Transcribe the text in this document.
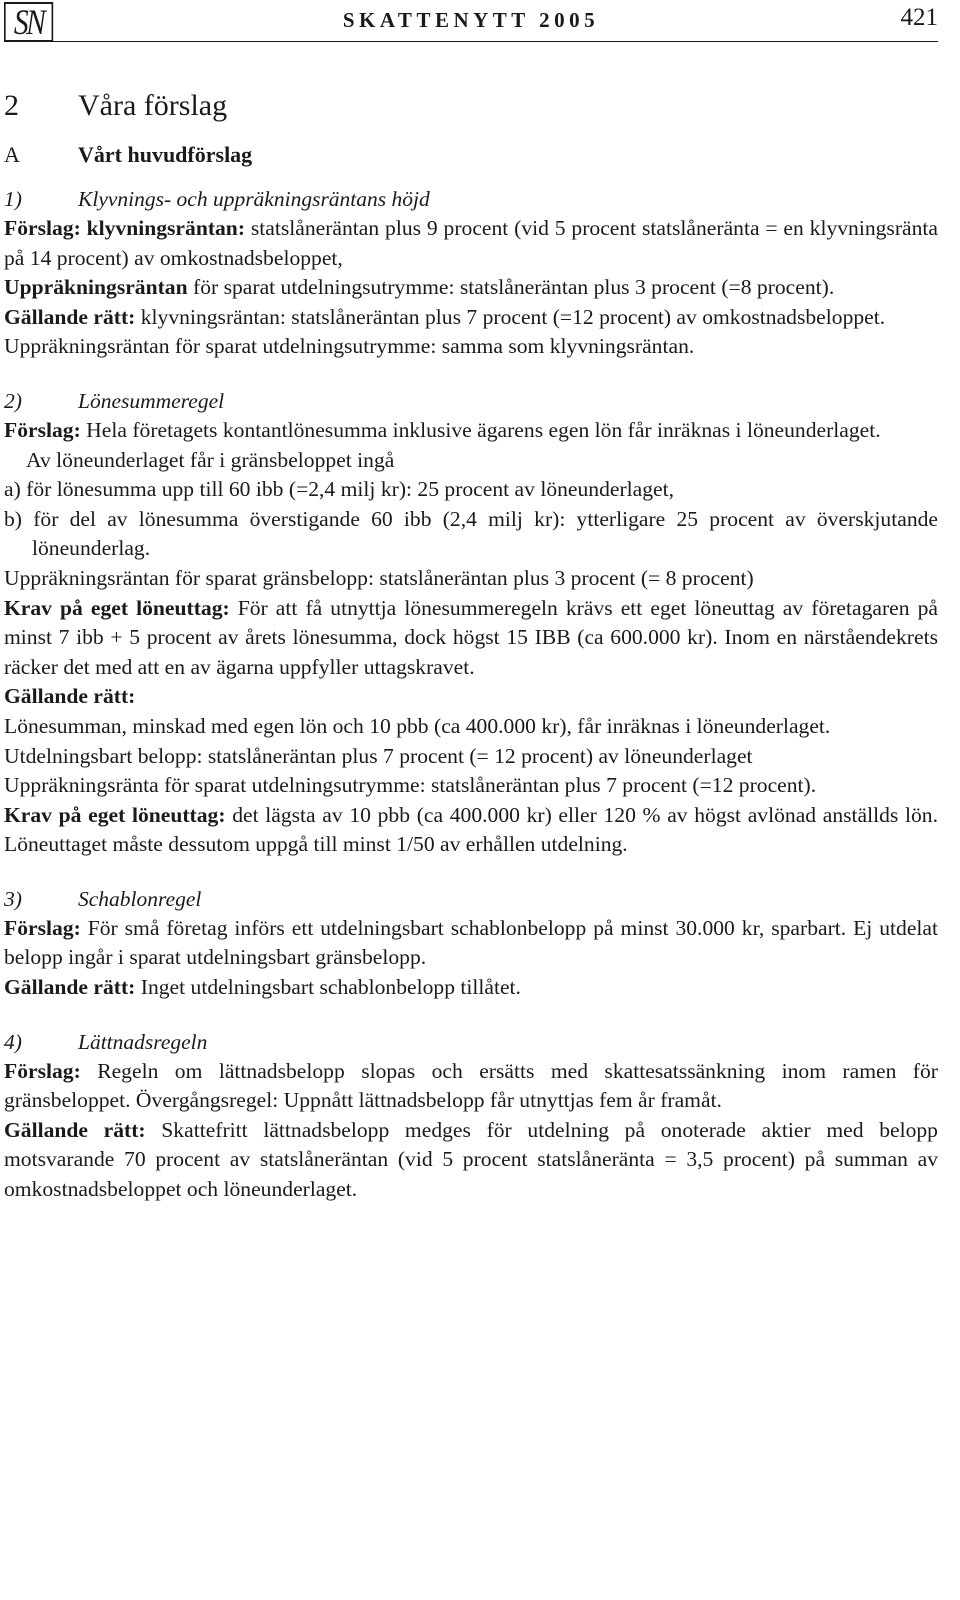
SN	SKATTENYTT 2005	421
2 Våra förslag
A	Vårt huvudförslag
1)	Klyvnings- och uppräkningsräntans höjd

Förslag: klyvningsräntan: statslåneräntan plus 9 procent (vid 5 procent statslåneränta = en klyvningsränta på 14 procent) av omkostnadsbeloppet,

Uppräkningsräntan för sparat utdelningsutrymme: statslåneräntan plus 3 procent (=8 procent).

Gällande rätt: klyvningsräntan: statslåneräntan plus 7 procent (=12 procent) av omkostnadsbeloppet.

Uppräkningsräntan för sparat utdelningsutrymme: samma som klyvningsräntan.

2)	Lönesummeregel

Förslag: Hela företagets kontantlönesumma inklusive ägarens egen lön får inräknas i löneunderlaget.

Av löneunderlaget får i gränsbeloppet ingå

a) för lönesumma upp till 60 ibb (=2,4 milj kr): 25 procent av löneunderlaget,

b) för del av lönesumma överstigande 60 ibb (2,4 milj kr): ytterligare 25 procent av överskjutande löneunderlag.

Uppräkningsräntan för sparat gränsbelopp: statslåneräntan plus 3 procent (= 8 procent)

Krav på eget löneuttag: För att få utnyttja lönesummeregeln krävs ett eget löneuttag av företagaren på minst 7 ibb + 5 procent av årets lönesumma, dock högst 15 IBB (ca 600.000 kr). Inom en närståendekrets räcker det med att en av ägarna uppfyller uttagskravet.

Gällande rätt:

Lönesumman, minskad med egen lön och 10 pbb (ca 400.000 kr), får inräknas i löneunderlaget.

Utdelningsbart belopp: statslåneräntan plus 7 procent (= 12 procent) av löneunderlaget

Uppräkningsränta för sparat utdelningsutrymme: statslåneräntan plus 7 procent (=12 procent).

Krav på eget löneuttag: det lägsta av 10 pbb (ca 400.000 kr) eller 120 % av högst avlönad anställds lön. Löneuttaget måste dessutom uppgå till minst 1/50 av erhållen utdelning.

3)	Schablonregel

Förslag: För små företag införs ett utdelningsbart schablonbelopp på minst 30.000 kr, sparbart. Ej utdelat belopp ingår i sparat utdelningsbart gränsbelopp.

Gällande rätt: Inget utdelningsbart schablonbelopp tillåtet.

4)	Lättnadsregeln

Förslag: Regeln om lättnadsbelopp slopas och ersätts med skattesatssänkning inom ramen för gränsbeloppet. Övergångsregel: Uppnått lättnadsbelopp får utnyttjas fem år framåt.

Gällande rätt: Skattefritt lättnadsbelopp medges för utdelning på onoterade aktier med belopp motsvarande 70 procent av statslåneräntan (vid 5 procent statslåneränta = 3,5 procent) på summan av omkostnadsbeloppet och löneunderlaget.
